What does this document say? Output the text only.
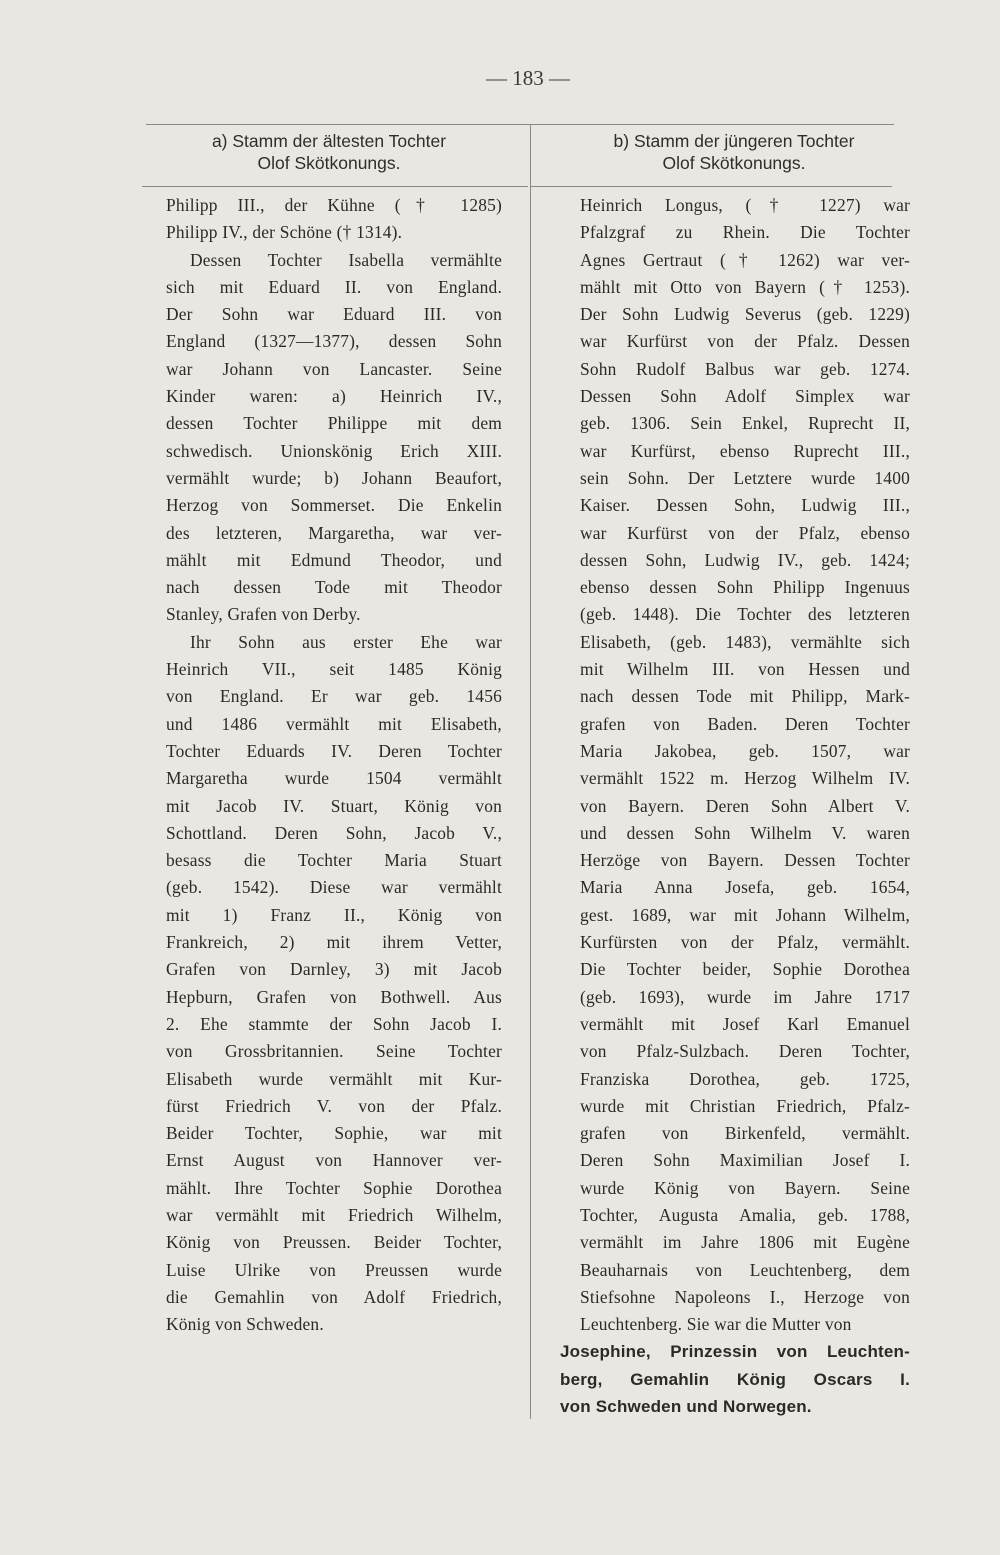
— 183 —
a) Stamm der ältesten Tochter
Olof Skötkonungs.
Philipp III., der Kühne († 1285)
Philipp IV., der Schöne († 1314).
Dessen Tochter Isabella vermählte
sich mit Eduard II. von England.
Der Sohn war Eduard III. von
England (1327—1377), dessen Sohn
war Johann von Lancaster. Seine
Kinder waren: a) Heinrich IV.,
dessen Tochter Philippe mit dem
schwedisch. Unionskönig Erich XIII.
vermählt wurde; b) Johann Beaufort,
Herzog von Sommerset. Die Enkelin
des letzteren, Margaretha, war ver-
mählt mit Edmund Theodor, und
nach dessen Tode mit Theodor
Stanley, Grafen von Derby.
Ihr Sohn aus erster Ehe war
Heinrich VII., seit 1485 König
von England. Er war geb. 1456
und 1486 vermählt mit Elisabeth,
Tochter Eduards IV. Deren Tochter
Margaretha wurde 1504 vermählt
mit Jacob IV. Stuart, König von
Schottland. Deren Sohn, Jacob V.,
besass die Tochter Maria Stuart
(geb. 1542). Diese war vermählt
mit 1) Franz II., König von
Frankreich, 2) mit ihrem Vetter,
Grafen von Darnley, 3) mit Jacob
Hepburn, Grafen von Bothwell. Aus
2. Ehe stammte der Sohn Jacob I.
von Grossbritannien. Seine Tochter
Elisabeth wurde vermählt mit Kur-
fürst Friedrich V. von der Pfalz.
Beider Tochter, Sophie, war mit
Ernst August von Hannover ver-
mählt. Ihre Tochter Sophie Dorothea
war vermählt mit Friedrich Wilhelm,
König von Preussen. Beider Tochter,
Luise Ulrike von Preussen wurde
die Gemahlin von Adolf Friedrich,
König von Schweden.
b) Stamm der jüngeren Tochter
Olof Skötkonungs.
Heinrich Longus, († 1227) war
Pfalzgraf zu Rhein. Die Tochter
Agnes Gertraut († 1262) war ver-
mählt mit Otto von Bayern († 1253).
Der Sohn Ludwig Severus (geb. 1229)
war Kurfürst von der Pfalz. Dessen
Sohn Rudolf Balbus war geb. 1274.
Dessen Sohn Adolf Simplex war
geb. 1306. Sein Enkel, Ruprecht II,
war Kurfürst, ebenso Ruprecht III.,
sein Sohn. Der Letztere wurde 1400
Kaiser. Dessen Sohn, Ludwig III.,
war Kurfürst von der Pfalz, ebenso
dessen Sohn, Ludwig IV., geb. 1424;
ebenso dessen Sohn Philipp Ingenuus
(geb. 1448). Die Tochter des letzteren
Elisabeth, (geb. 1483), vermählte sich
mit Wilhelm III. von Hessen und
nach dessen Tode mit Philipp, Mark-
grafen von Baden. Deren Tochter
Maria Jakobea, geb. 1507, war
vermählt 1522 m. Herzog Wilhelm IV.
von Bayern. Deren Sohn Albert V.
und dessen Sohn Wilhelm V. waren
Herzöge von Bayern. Dessen Tochter
Maria Anna Josefa, geb. 1654,
gest. 1689, war mit Johann Wilhelm,
Kurfürsten von der Pfalz, vermählt.
Die Tochter beider, Sophie Dorothea
(geb. 1693), wurde im Jahre 1717
vermählt mit Josef Karl Emanuel
von Pfalz-Sulzbach. Deren Tochter,
Franziska Dorothea, geb. 1725,
wurde mit Christian Friedrich, Pfalz-
grafen von Birkenfeld, vermählt.
Deren Sohn Maximilian Josef I.
wurde König von Bayern. Seine
Tochter, Augusta Amalia, geb. 1788,
vermählt im Jahre 1806 mit Eugène
Beauharnais von Leuchtenberg, dem
Stiefsohne Napoleons I., Herzoge von
Leuchtenberg. Sie war die Mutter von
Josephine, Prinzessin von Leuchten-
berg, Gemahlin König Oscars I.
von Schweden und Norwegen.
